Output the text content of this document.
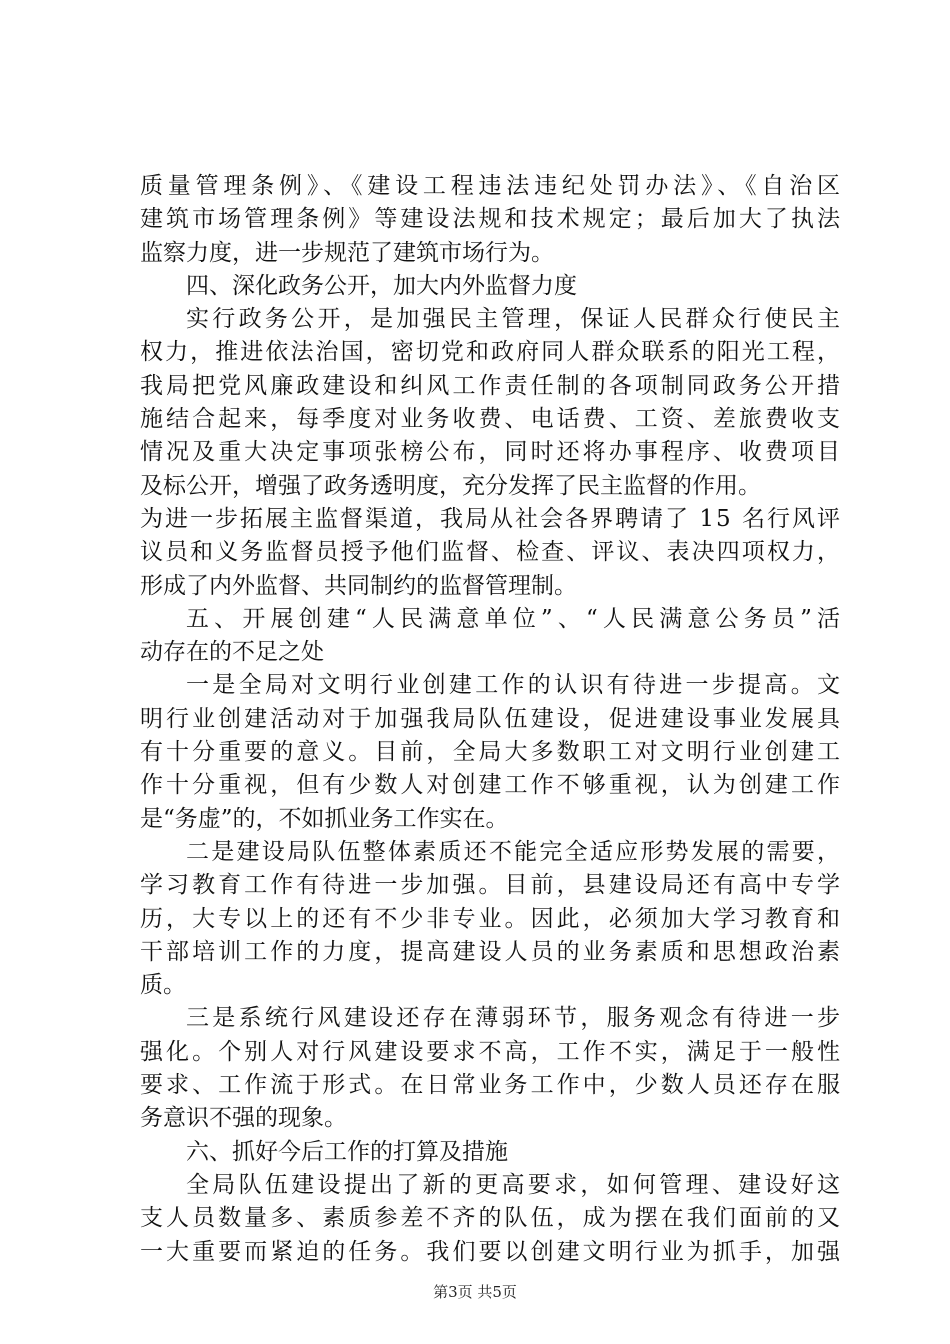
质量管理条例》、《建设工程违法违纪处罚办法》、《自治区
建筑市场管理条例》等建设法规和技术规定；最后加大了执法
监察力度，进一步规范了建筑市场行为。
四、深化政务公开，加大内外监督力度
实行政务公开，是加强民主管理，保证人民群众行使民主
权力，推进依法治国，密切党和政府同人群众联系的阳光工程，
我局把党风廉政建设和纠风工作责任制的各项制同政务公开措
施结合起来，每季度对业务收费、电话费、工资、差旅费收支
情况及重大决定事项张榜公布，同时还将办事程序、收费项目
及标公开，增强了政务透明度，充分发挥了民主监督的作用。
为进一步拓展主监督渠道，我局从社会各界聘请了 15 名行风评
议员和义务监督员授予他们监督、检查、评议、表决四项权力，
形成了内外监督、共同制约的监督管理制。
五、开展创建“人民满意单位”、“人民满意公务员”活
动存在的不足之处
一是全局对文明行业创建工作的认识有待进一步提高。文
明行业创建活动对于加强我局队伍建设，促进建设事业发展具
有十分重要的意义。目前，全局大多数职工对文明行业创建工
作十分重视，但有少数人对创建工作不够重视，认为创建工作
是“务虚”的，不如抓业务工作实在。
二是建设局队伍整体素质还不能完全适应形势发展的需要，
学习教育工作有待进一步加强。目前，县建设局还有高中专学
历，大专以上的还有不少非专业。因此，必须加大学习教育和
干部培训工作的力度，提高建设人员的业务素质和思想政治素
质。
三是系统行风建设还存在薄弱环节，服务观念有待进一步
强化。个别人对行风建设要求不高，工作不实，满足于一般性
要求、工作流于形式。在日常业务工作中，少数人员还存在服
务意识不强的现象。
六、抓好今后工作的打算及措施
全局队伍建设提出了新的更高要求，如何管理、建设好这
支人员数量多、素质参差不齐的队伍，成为摆在我们面前的又
一大重要而紧迫的任务。我们要以创建文明行业为抓手，加强
第3页 共5页
